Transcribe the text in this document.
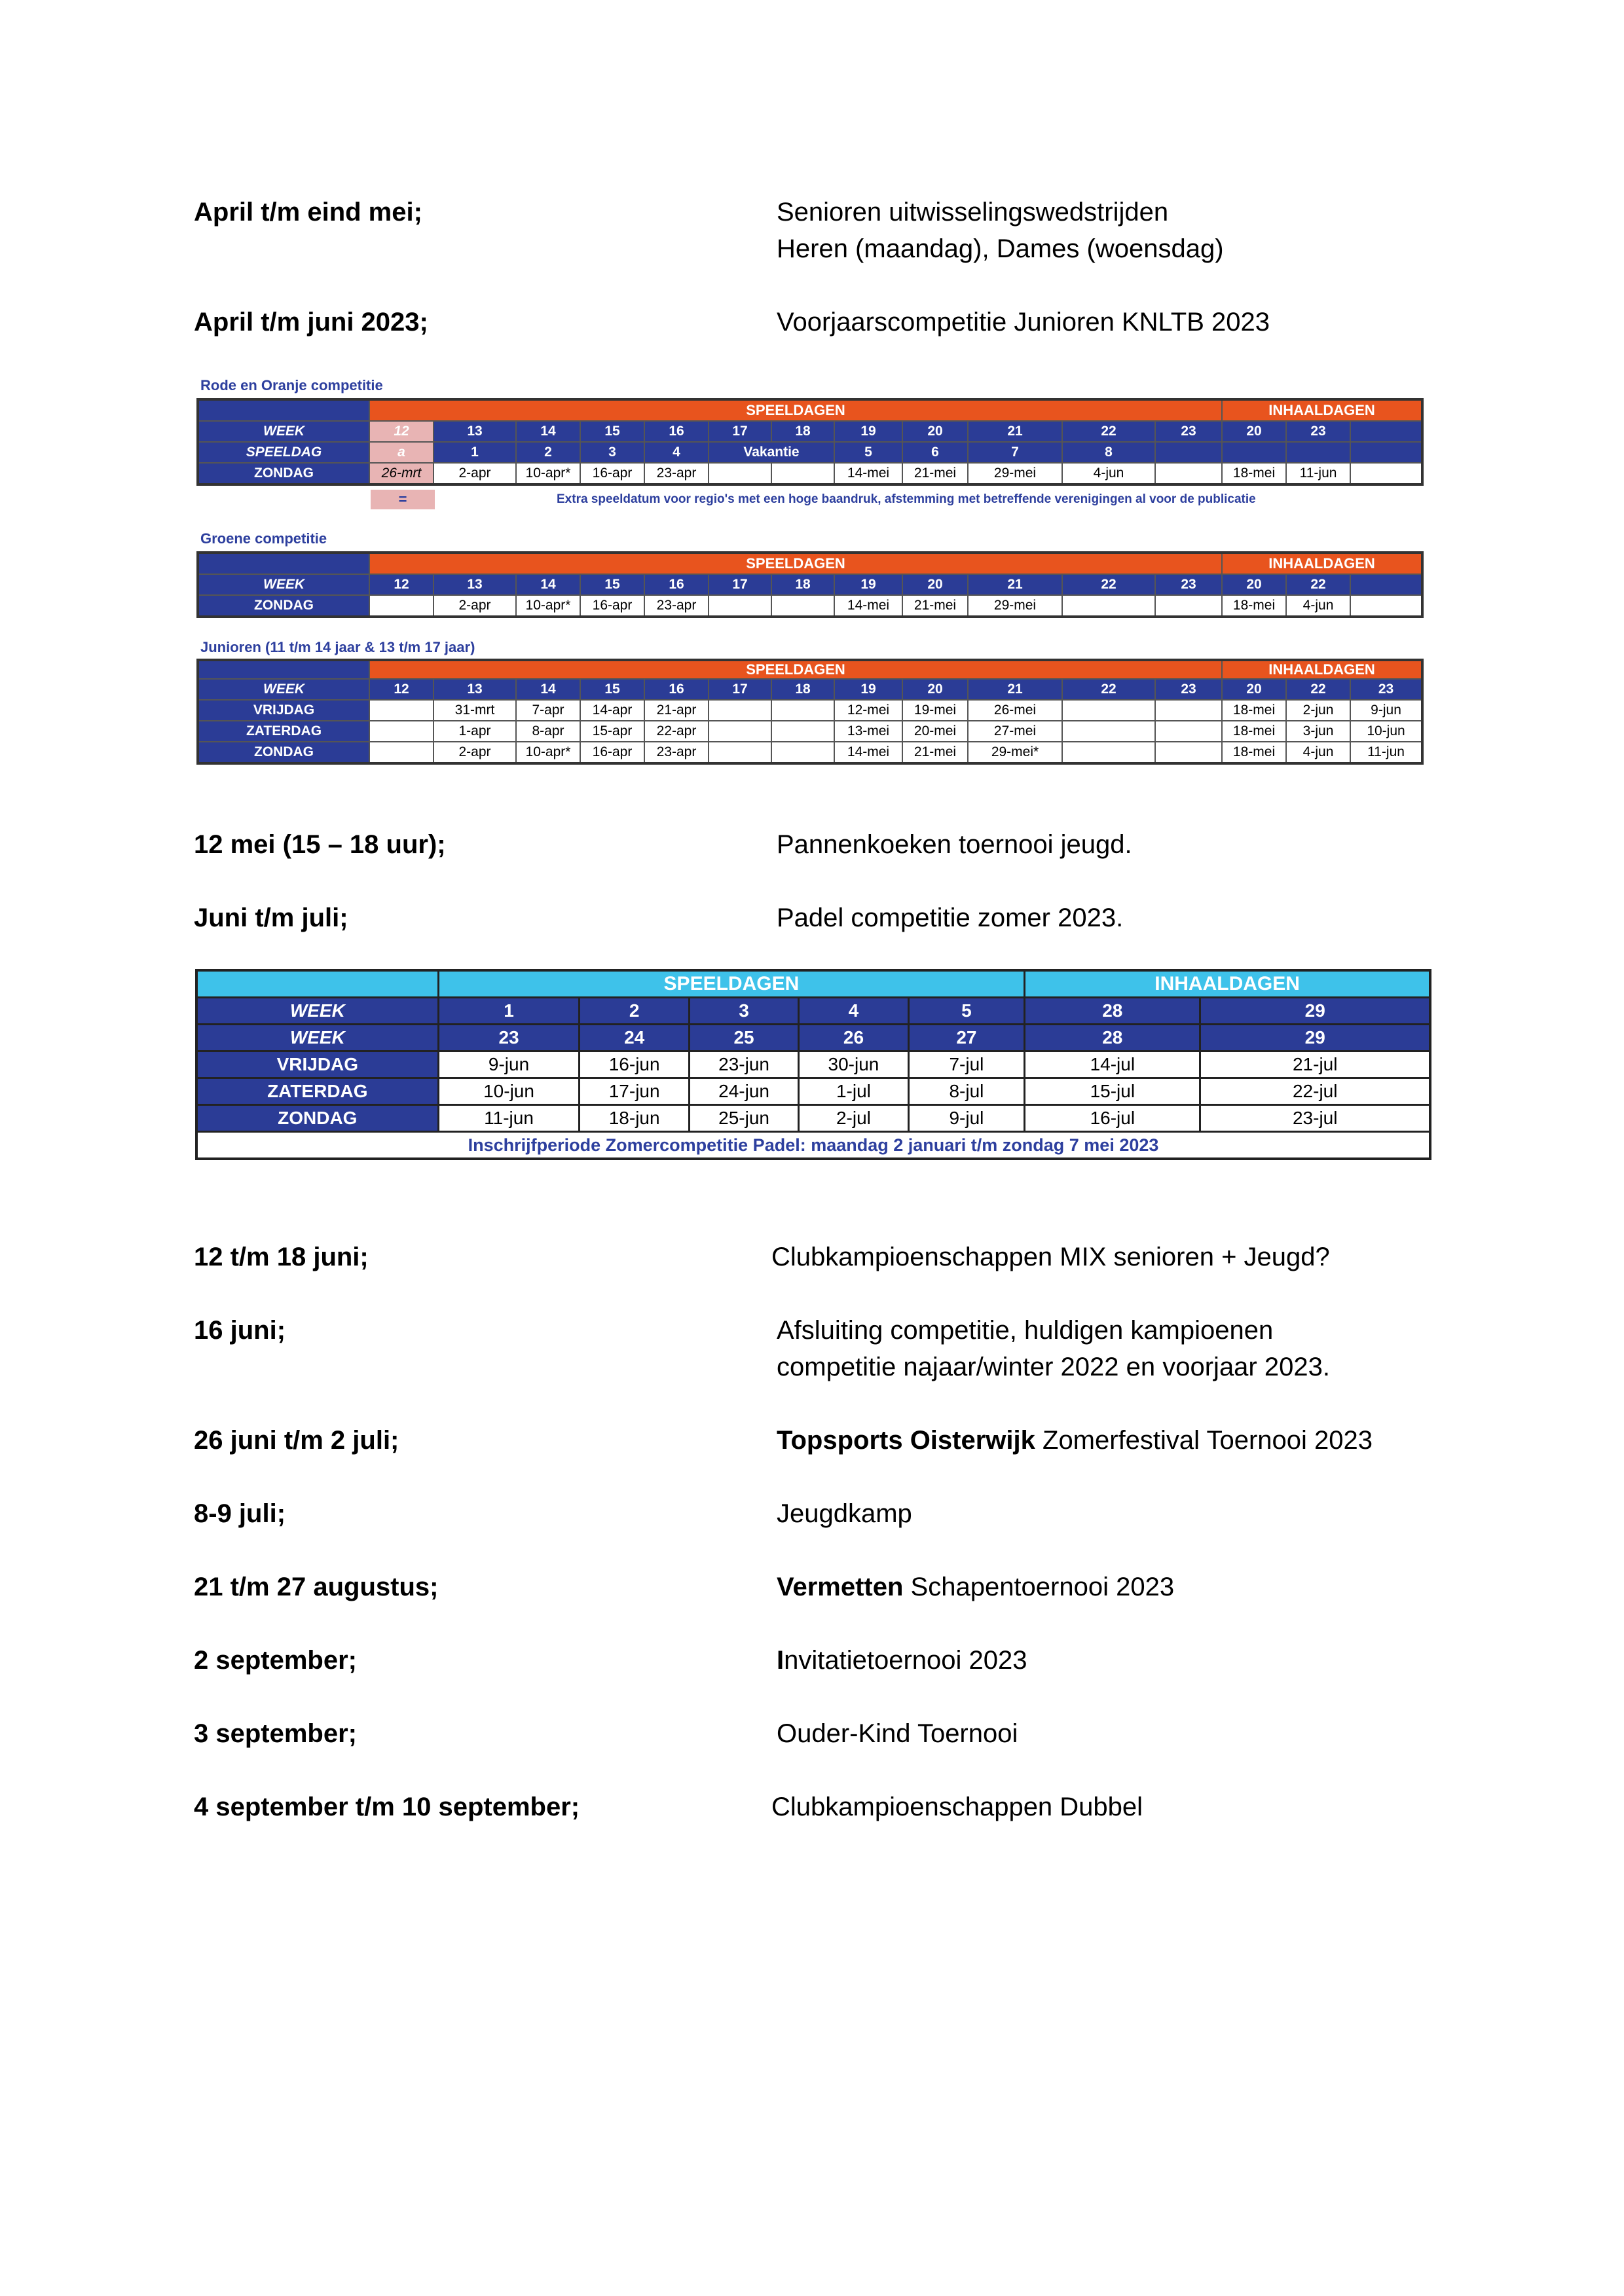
April t/m eind mei;	Senioren uitwisselingswedstrijden
Heren (maandag), Dames (woensdag)
April t/m juni 2023;	Voorjaarscompetitie Junioren KNLTB 2023
Rode en Oranje competitie
	SPEELDAGEN												INHAALDAGEN		
WEEK	12	13	14	15	16	17	18	19	20	21	22	23	20	23	
SPEELDAG	a	1	2	3	4	Vakantie		5	6	7	8				
ZONDAG	26-mrt	2-apr	10-apr*	16-apr	23-apr			14-mei	21-mei	29-mei	4-jun		18-mei	11-jun	
=	Extra speeldatum voor regio's met een hoge baandruk, afstemming met betreffende verenigingen al voor de publicatie
Groene competitie
	SPEELDAGEN												INHAALDAGEN		
WEEK	12	13	14	15	16	17	18	19	20	21	22	23	20	22	
ZONDAG		2-apr	10-apr*	16-apr	23-apr			14-mei	21-mei	29-mei			18-mei	4-jun	
Junioren (11 t/m 14 jaar & 13 t/m 17 jaar)
	SPEELDAGEN												INHAALDAGEN		
WEEK	12	13	14	15	16	17	18	19	20	21	22	23	20	22	23
VRIJDAG		31-mrt	7-apr	14-apr	21-apr			12-mei	19-mei	26-mei			18-mei	2-jun	9-jun
ZATERDAG		1-apr	8-apr	15-apr	22-apr			13-mei	20-mei	27-mei			18-mei	3-jun	10-jun
ZONDAG		2-apr	10-apr*	16-apr	23-apr			14-mei	21-mei	29-mei*			18-mei	4-jun	11-jun
12 mei (15 – 18 uur);	Pannenkoeken toernooi jeugd.
Juni t/m juli;	Padel competitie zomer 2023.
	SPEELDAGEN					INHAALDAGEN	
WEEK	1	2	3	4	5	28	29
WEEK	23	24	25	26	27	28	29
VRIJDAG	9-jun	16-jun	23-jun	30-jun	7-jul	14-jul	21-jul
ZATERDAG	10-jun	17-jun	24-jun	1-jul	8-jul	15-jul	22-jul
ZONDAG	11-jun	18-jun	25-jun	2-jul	9-jul	16-jul	23-jul
Inschrijfperiode Zomercompetitie Padel: maandag 2 januari t/m zondag 7 mei 2023							
12 t/m 18 juni;	Clubkampioenschappen MIX senioren + Jeugd?
16 juni;	Afsluiting competitie, huldigen kampioenen
competitie najaar/winter 2022 en voorjaar 2023.
26 juni t/m 2 juli;	Topsports Oisterwijk Zomerfestival Toernooi 2023
8-9 juli;	Jeugdkamp
21 t/m 27 augustus;	Vermetten Schapentoernooi 2023
2 september;	Invitatietoernooi 2023
3 september;	Ouder-Kind Toernooi
4 september t/m 10 september;	Clubkampioenschappen Dubbel
